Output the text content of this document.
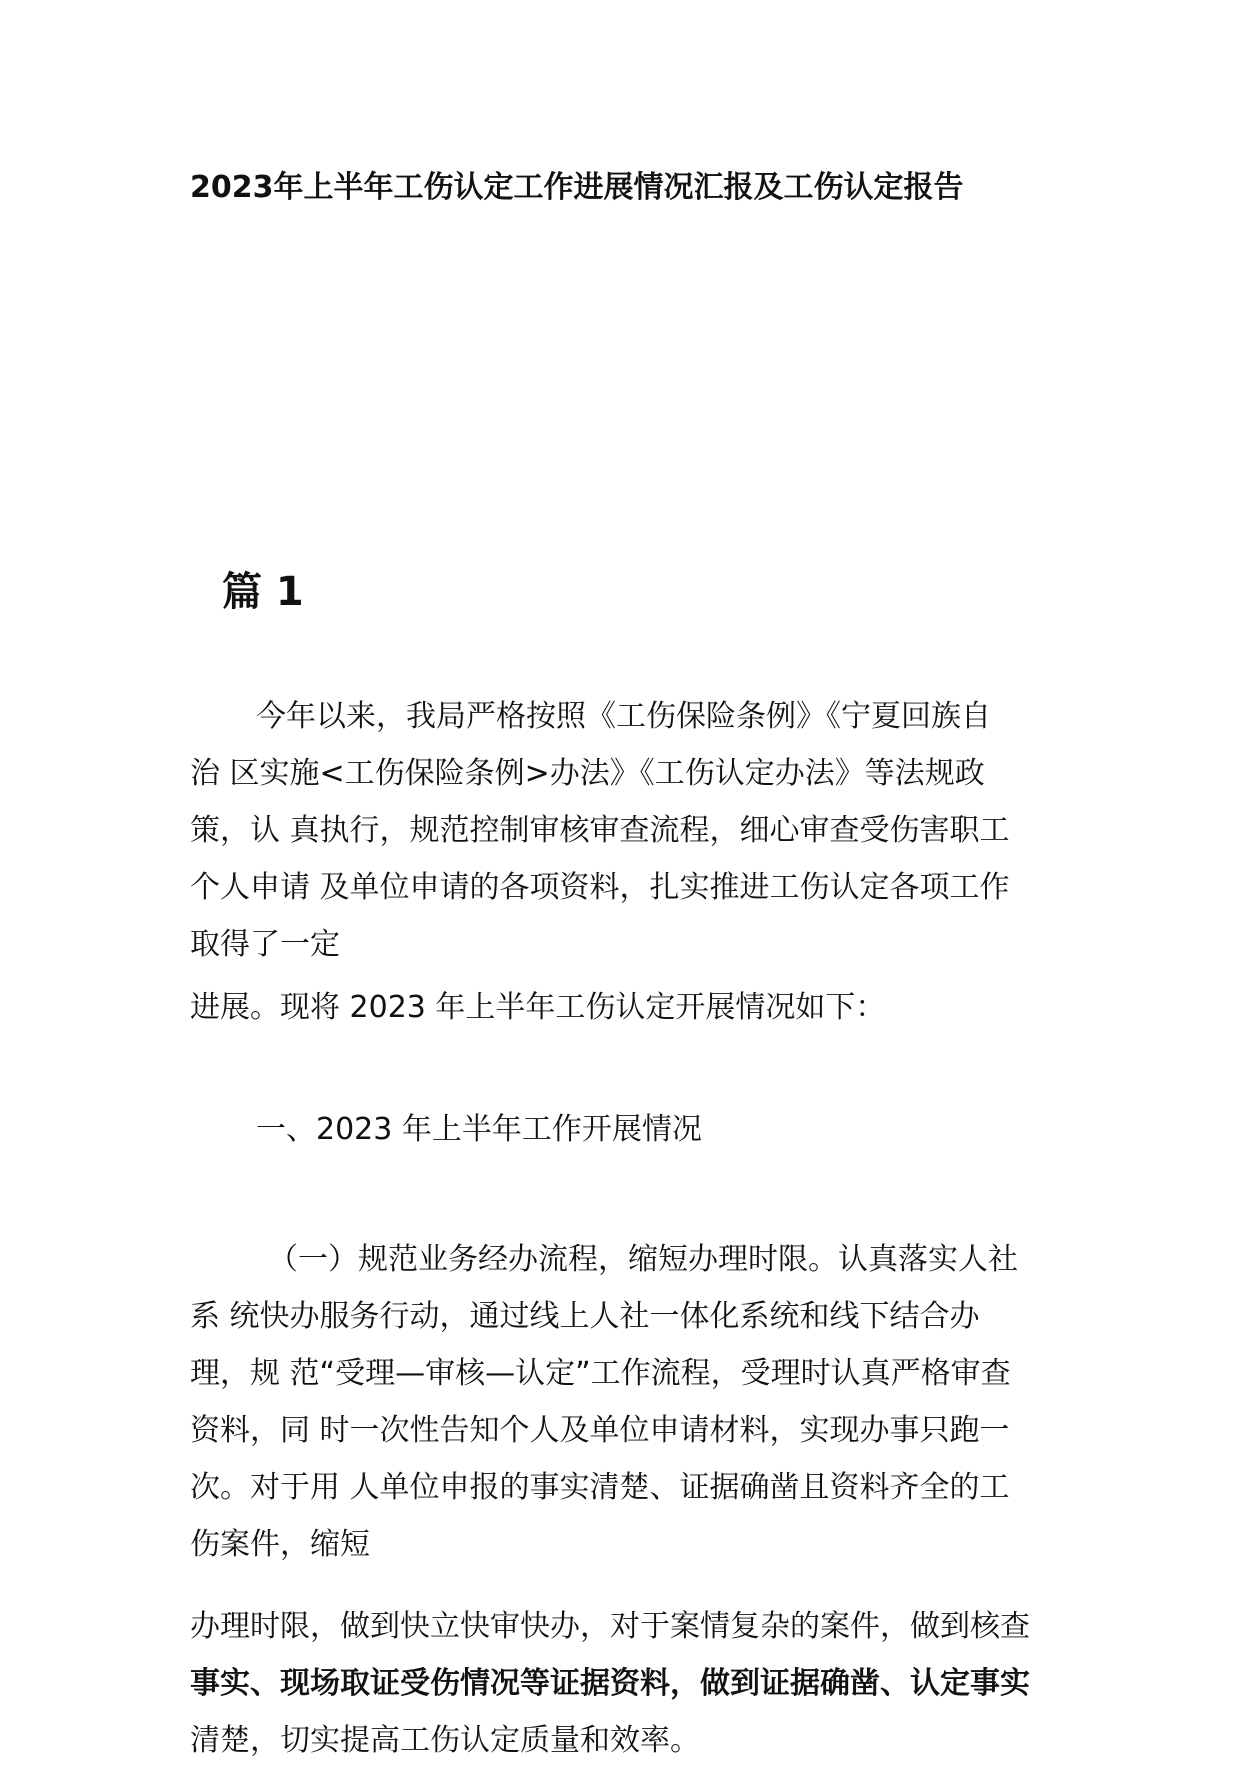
2023年上半年工伤认定工作进展情况汇报及工伤认定报告
篇 1
今年以来，我局严格按照《工伤保险条例》《宁夏回族自
治 区实施<工伤保险条例>办法》《工伤认定办法》等法规政
策，认 真执行，规范控制审核审查流程，细心审查受伤害职工
个人申请 及单位申请的各项资料，扎实推进工伤认定各项工作
取得了一定
进展。现将 2023 年上半年工伤认定开展情况如下：
一、2023 年上半年工作开展情况
（一）规范业务经办流程，缩短办理时限。认真落实人社
系 统快办服务行动，通过线上人社一体化系统和线下结合办
理，规 范“受理—审核—认定”工作流程，受理时认真严格审查
资料，同 时一次性告知个人及单位申请材料，实现办事只跑一
次。对于用 人单位申报的事实清楚、证据确凿且资料齐全的工
伤案件，缩短
办理时限，做到快立快审快办，对于案情复杂的案件，做到核查
事实、现场取证受伤情况等证据资料，做到证据确凿、认定事实
清楚，切实提高工伤认定质量和效率。
